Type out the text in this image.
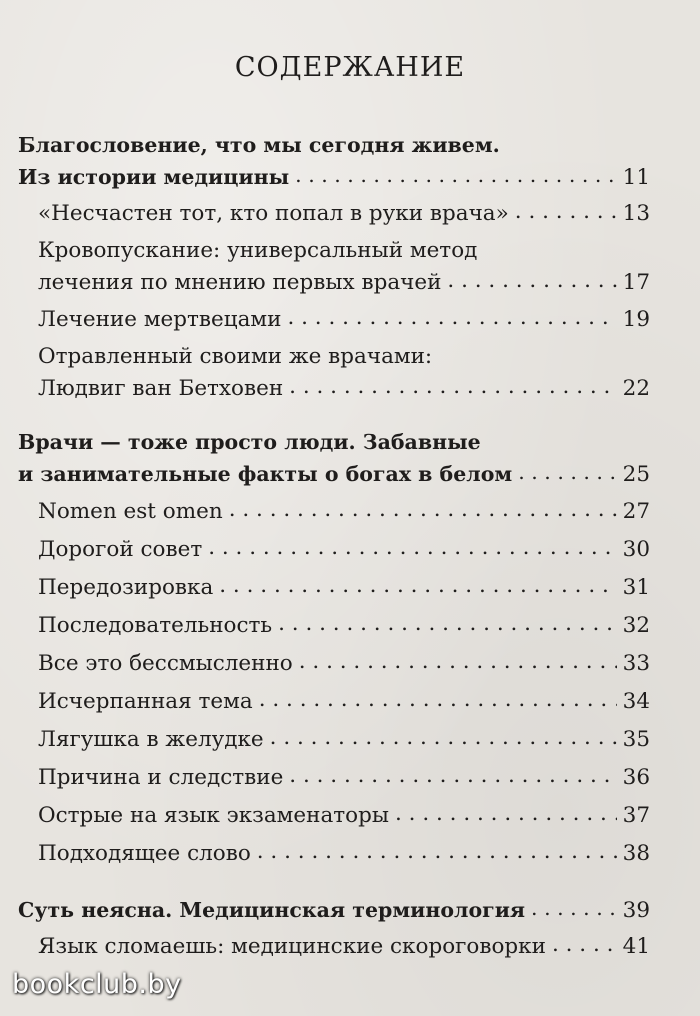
СОДЕРЖАНИЕ
Благословение, что мы сегодня живем.
Из истории медицины . . .	11
«Несчастен тот, кто попал в руки врача» . . .	13
Кровопускание: универсальный метод
лечения по мнению первых врачей . . .	17
Лечение мертвецами . . .	19
Отравленный своими же врачами:
Людвиг ван Бетховен . . .	22
Врачи — тоже просто люди. Забавные
и занимательные факты о богах в белом . . .	25
Nomen est omen . . .	27
Дорогой совет . . .	30
Передозировка . . .	31
Последовательность . . .	32
Все это бессмысленно . . .	33
Исчерпанная тема . . .	34
Лягушка в желудке . . .	35
Причина и следствие . . .	36
Острые на язык экзаменаторы . . .	37
Подходящее слово . . .	38
Суть неясна. Медицинская терминология . . .	39
Язык сломаешь: медицинские скороговорки . . .	41
bookclub.by
